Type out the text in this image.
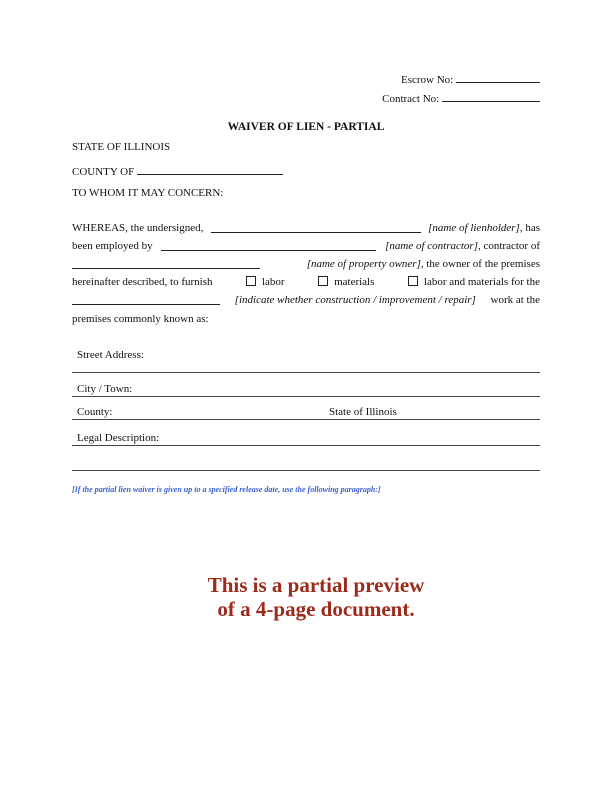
Escrow No:
Contract No:
WAIVER OF LIEN - PARTIAL
STATE OF ILLINOIS
COUNTY OF
TO WHOM IT MAY CONCERN:
WHEREAS, the undersigned,	[name of lienholder], has
been employed by	[name of contractor], contractor of
[name of property owner], the owner of the premises
hereinafter described, to furnish	labor	materials	labor and materials for the
[indicate whether construction / improvement / repair] work at the
premises commonly known as:
Street Address:
City / Town:
County:	State of Illinois
Legal Description:
[If the partial lien waiver is given up to a specified release date, use the following paragraph:]
This is a partial preview
of a 4-page document.
